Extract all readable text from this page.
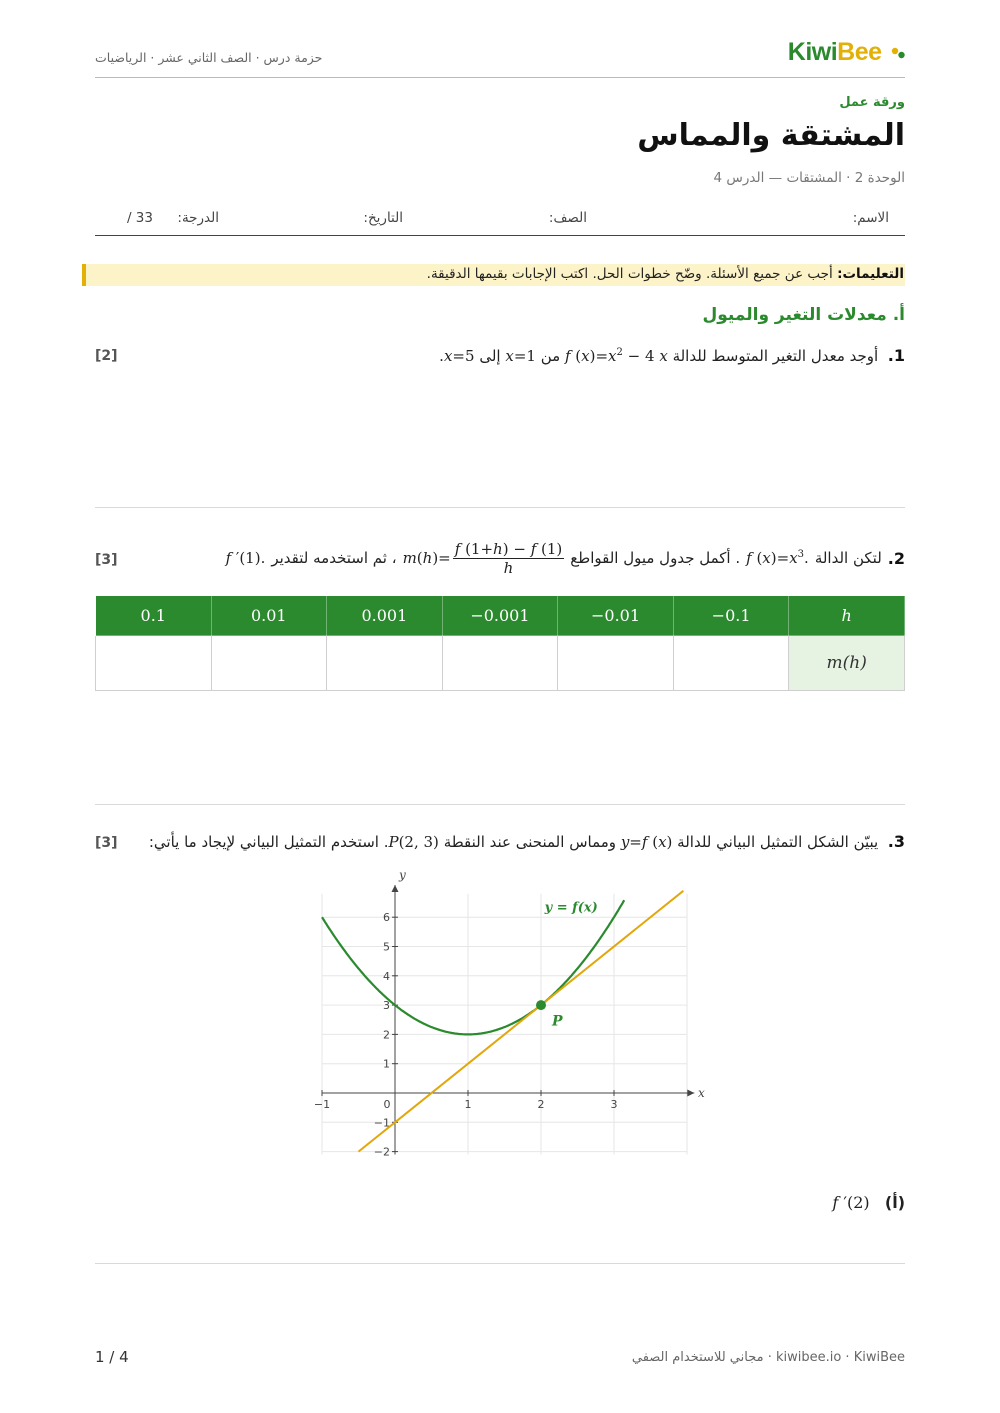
حزمة درس · الصف الثاني عشر · الرياضيات	KiwiBee
ورقة عمل
المشتقة والمماس
الوحدة 2 · المشتقات — الدرس 4
الاسم:
الصف:
التاريخ:
الدرجة:
/ 33
التعليمات: أجب عن جميع الأسئلة. وضّح خطوات الحل. اكتب الإجابات بقيمها الدقيقة.
أ. معدلات التغير والميول
[2]	1.  أوجد معدل التغير المتوسط للدالة f $(x)=x^2 - 4$ x من x=1 إلى x=5.
[3]	2.
لتكن الدالة
f $(x)=x^3$.
. أكمل جدول ميول القواطع
m ( h )= $\frac{f (1+h) - f (1)}{h}$
، ثم استخدمه لتقدير
f ′(1).
0.1	0.01	0.001	−0.001	−0.01	−0.1	h
						m(h)
[3]	3.  يبيّن الشكل التمثيل البياني للدالة y=f (x) ومماس المنحنى عند النقطة P(2, 3). استخدم التمثيل البياني لإيجاد ما يأتي:
−1	0	1	2	3
−2
−1
1
2
3
4
5
6
y = f(x)
P
x
y
(أ)   f ′(2)
1 / 4	kiwibee.io · KiwiBee · مجاني للاستخدام الصفي
